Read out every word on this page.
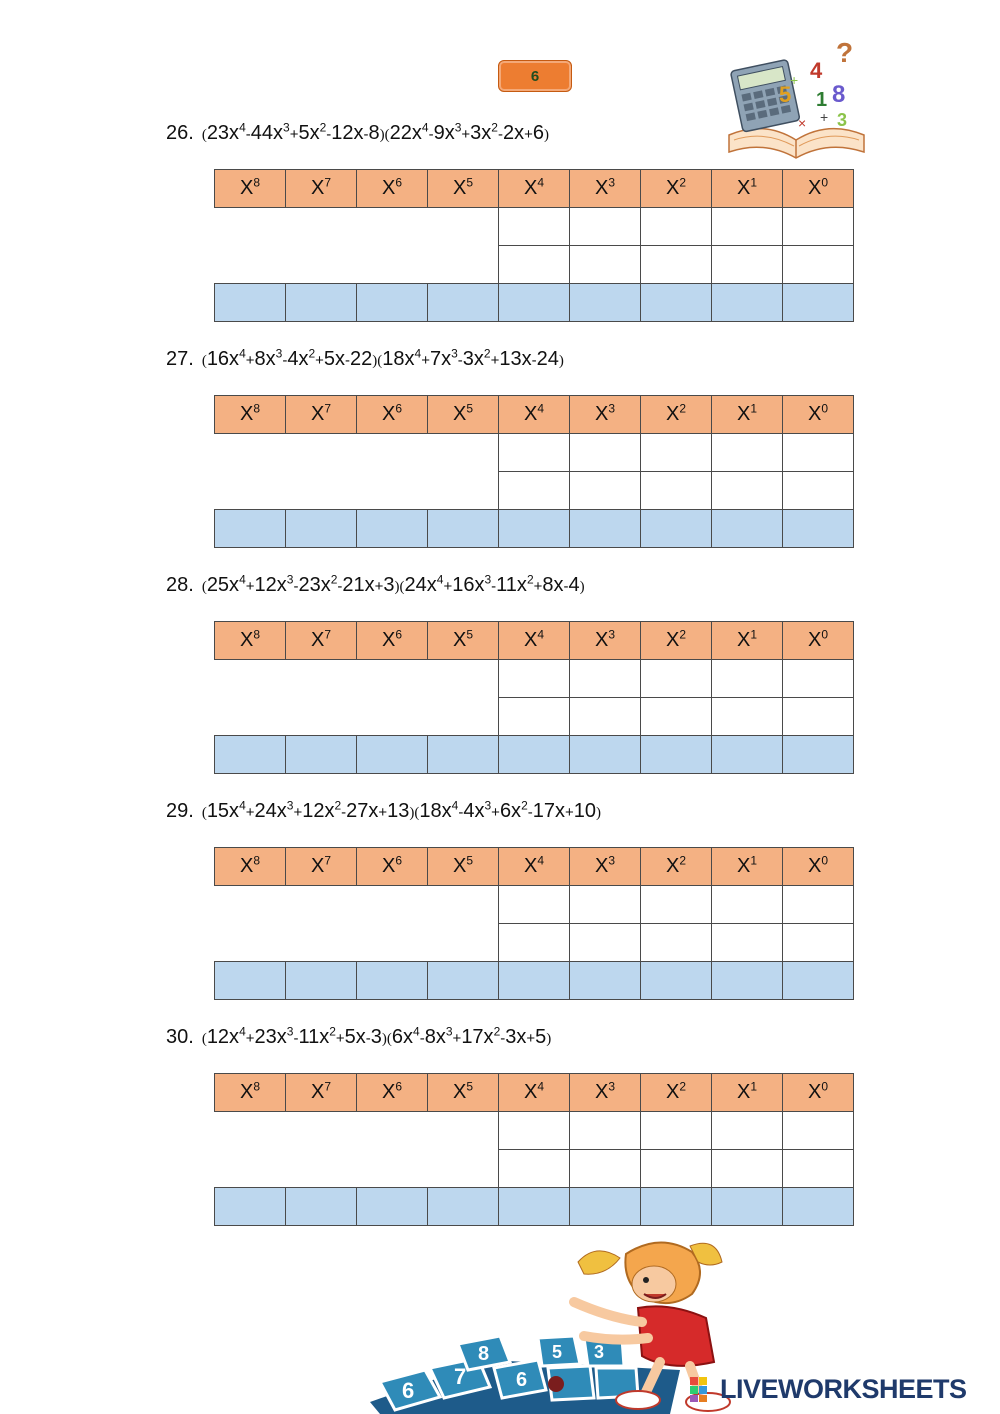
6
5
4
?
8
1
3
×
+
+
26. ( $23x^4-44x^3+5x^2-12x-8$ ) ( $22x^4-9x^3+3x^2-2x+6$ )
$X^8$	$X^7$	$X^6$	$X^5$	$X^4$	$X^3$	$X^2$	$X^1$	$X^0$

27. ( $16x^4+8x^3-4x^2+5x-22$ ) ( $18x^4+7x^3-3x^2+13x-24$ )
$X^8$	$X^7$	$X^6$	$X^5$	$X^4$	$X^3$	$X^2$	$X^1$	$X^0$

28. ( $25x^4+12x^3-23x^2-21x+3$ ) ( $24x^4+16x^3-11x^2+8x-4$ )
$X^8$	$X^7$	$X^6$	$X^5$	$X^4$	$X^3$	$X^2$	$X^1$	$X^0$

29. ( $15x^4+24x^3+12x^2-27x+13$ ) ( $18x^4-4x^3+6x^2-17x+10$ )
$X^8$	$X^7$	$X^6$	$X^5$	$X^4$	$X^3$	$X^2$	$X^1$	$X^0$

30. ( $12x^4+23x^3-11x^2+5x-3$ ) ( $6x^4-8x^3+17x^2-3x+5$ )
$X^8$	$X^7$	$X^6$	$X^5$	$X^4$	$X^3$	$X^2$	$X^1$	$X^0$

6
7
8
6
5 3
LIVEWORKSHEETS
